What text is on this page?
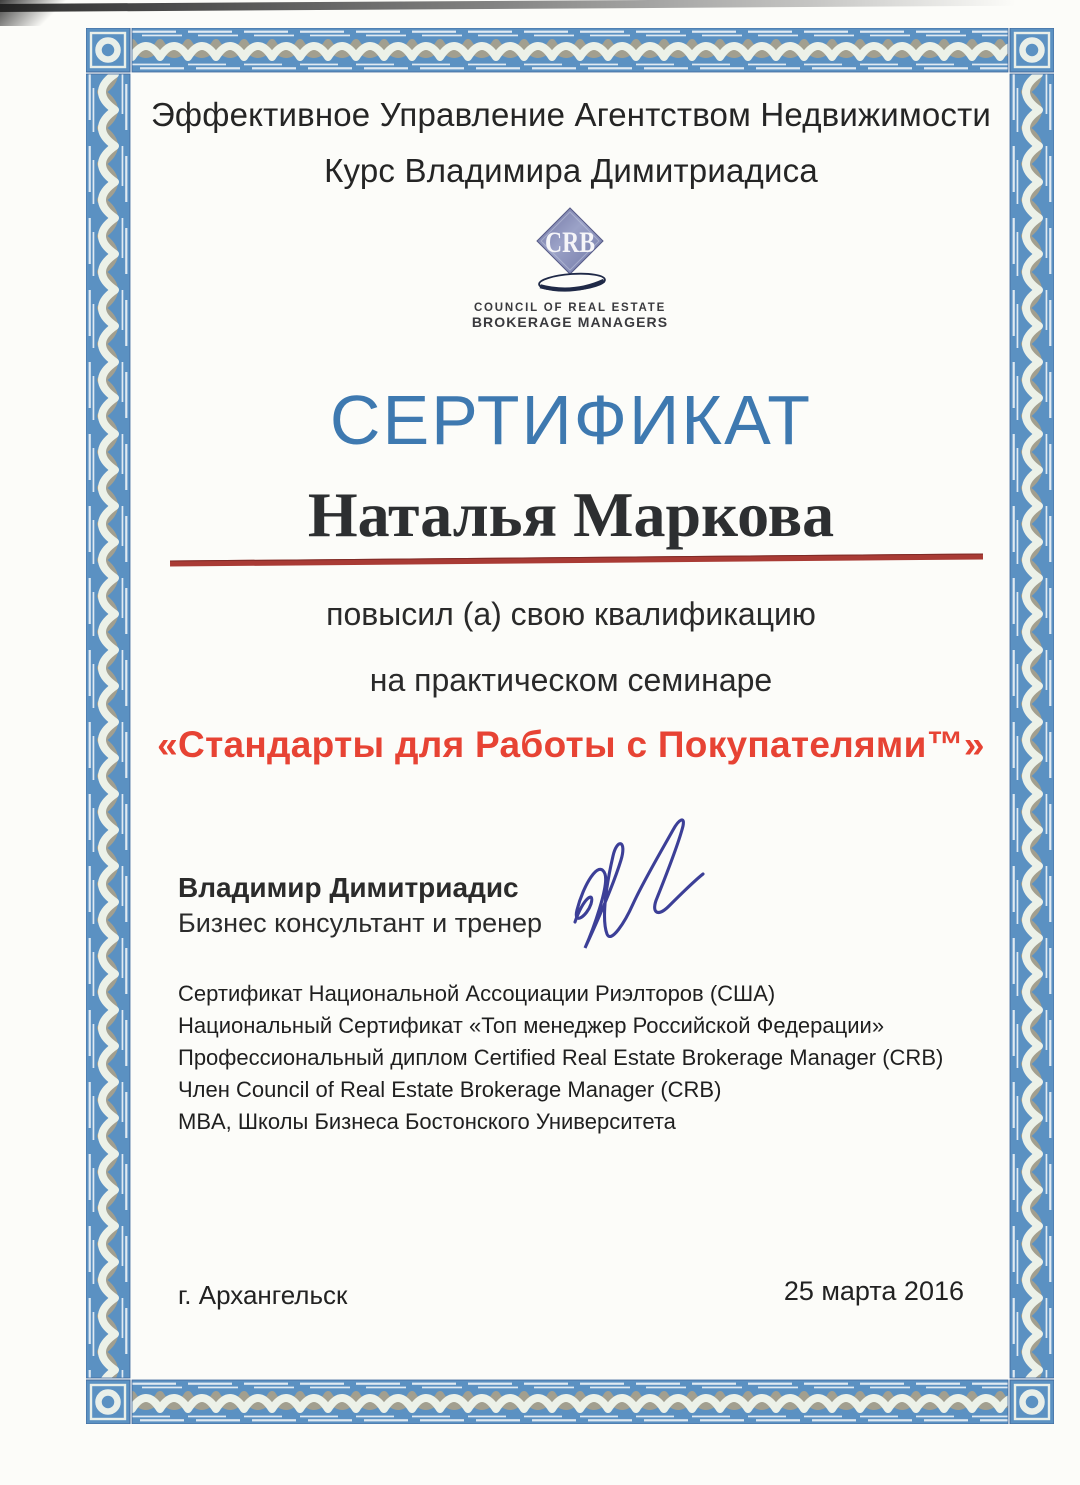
Эффективное Управление Агентством Недвижимости
Курс Владимира Димитриадиса
CRB
COUNCIL OF REAL ESTATE
BROKERAGE MANAGERS
СЕРТИФИКАТ
Наталья Маркова
повысил (а) свою квалификацию
на практическом семинаре
«Стандарты для Работы с Покупателями™»
Владимир Димитриадис
Бизнес консультант и тренер
Сертификат Национальной Ассоциации Риэлторов (США)
Национальный Сертификат «Топ менеджер Российской Федерации»
Профессиональный диплом Certified Real Estate Brokerage Manager (CRB)
Член Council of Real Estate Brokerage Manager (CRB)
MBA, Школы Бизнеса Бостонского Университета
г. Архангельск	25 марта 2016
